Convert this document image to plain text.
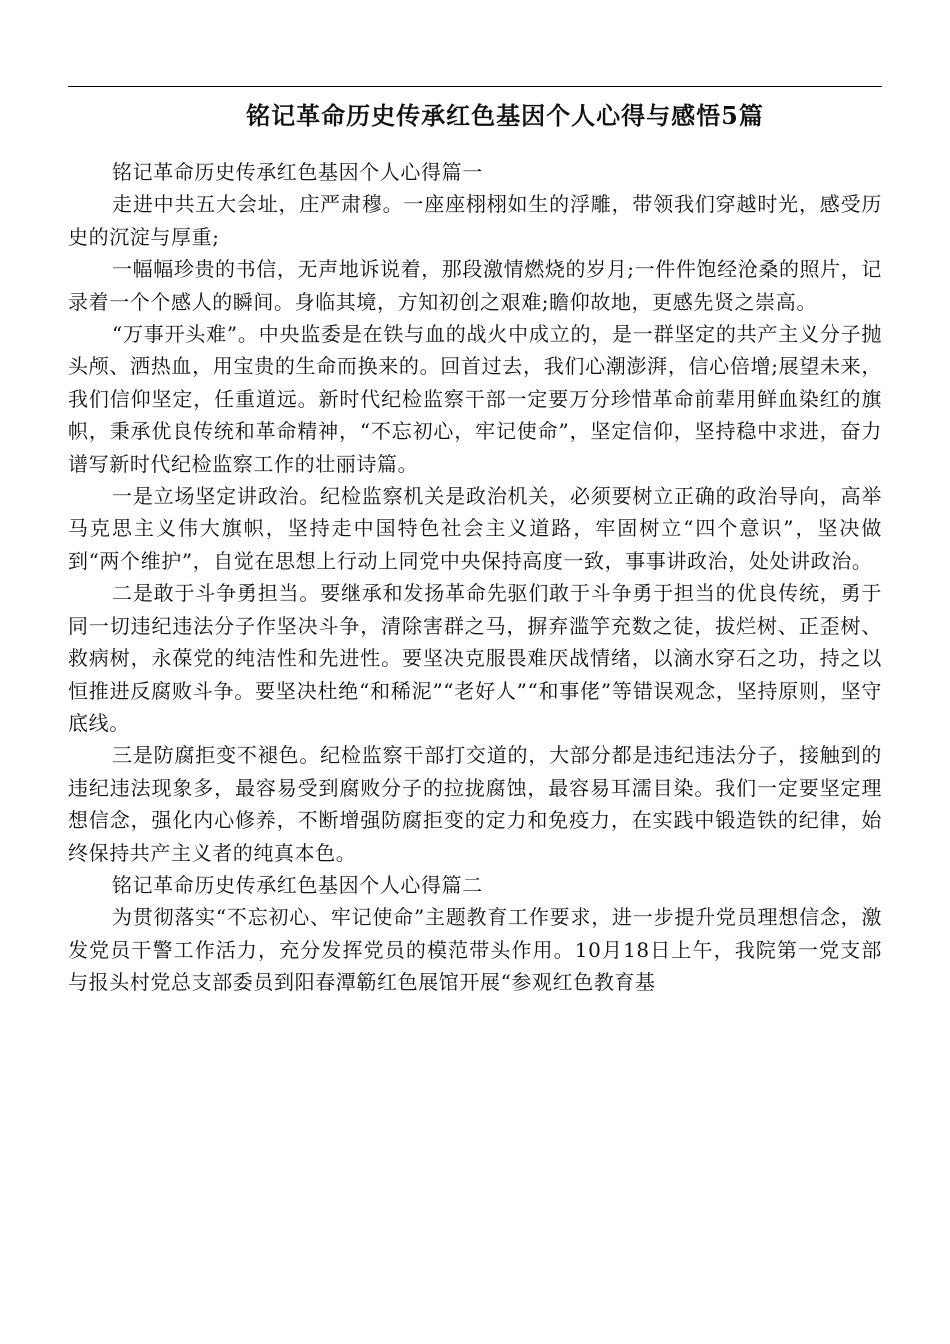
铭记革命历史传承红色基因个人心得与感悟5篇

铭记革命历史传承红色基因个人心得篇一

走进中共五大会址，庄严肃穆。一座座栩栩如生的浮雕，带领我们穿越时光，感受历史的沉淀与厚重;

一幅幅珍贵的书信，无声地诉说着，那段激情燃烧的岁月;一件件饱经沧桑的照片，记录着一个个感人的瞬间。身临其境，方知初创之艰难;瞻仰故地，更感先贤之崇高。

“万事开头难”。中央监委是在铁与血的战火中成立的，是一群坚定的共产主义分子抛头颅、洒热血，用宝贵的生命而换来的。回首过去，我们心潮澎湃，信心倍增;展望未来，我们信仰坚定，任重道远。新时代纪检监察干部一定要万分珍惜革命前辈用鲜血染红的旗帜，秉承优良传统和革命精神，“不忘初心，牢记使命”，坚定信仰，坚持稳中求进，奋力谱写新时代纪检监察工作的壮丽诗篇。

一是立场坚定讲政治。纪检监察机关是政治机关，必须要树立正确的政治导向，高举马克思主义伟大旗帜，坚持走中国特色社会主义道路，牢固树立“四个意识”，坚决做到“两个维护”，自觉在思想上行动上同党中央保持高度一致，事事讲政治，处处讲政治。

二是敢于斗争勇担当。要继承和发扬革命先驱们敢于斗争勇于担当的优良传统，勇于同一切违纪违法分子作坚决斗争，清除害群之马，摒弃滥竽充数之徒，拔烂树、正歪树、救病树，永葆党的纯洁性和先进性。要坚决克服畏难厌战情绪，以滴水穿石之功，持之以恒推进反腐败斗争。要坚决杜绝“和稀泥”“老好人”“和事佬”等错误观念，坚持原则，坚守底线。

三是防腐拒变不褪色。纪检监察干部打交道的，大部分都是违纪违法分子，接触到的违纪违法现象多，最容易受到腐败分子的拉拢腐蚀，最容易耳濡目染。我们一定要坚定理想信念，强化内心修养，不断增强防腐拒变的定力和免疫力，在实践中锻造铁的纪律，始终保持共产主义者的纯真本色。

铭记革命历史传承红色基因个人心得篇二

为贯彻落实“不忘初心、牢记使命”主题教育工作要求，进一步提升党员理想信念，激发党员干警工作活力，充分发挥党员的模范带头作用。10月18日上午，我院第一党支部与报头村党总支部委员到阳春潭簕红色展馆开展“参观红色教育基
